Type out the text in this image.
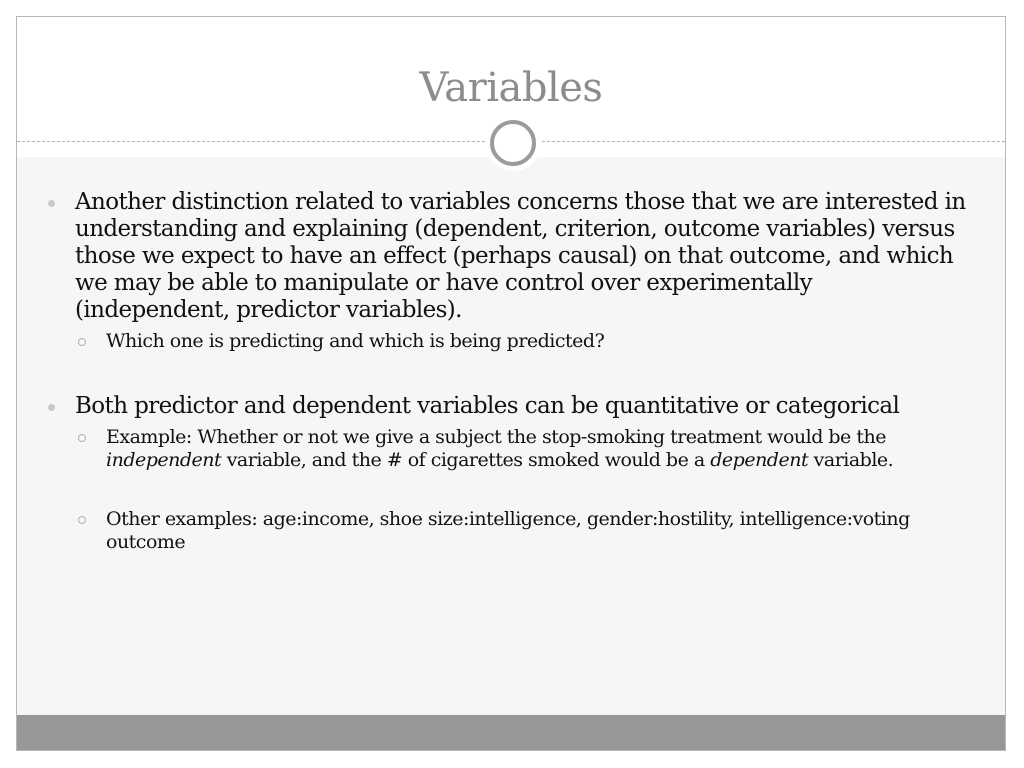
Variables
Another distinction related to variables concerns those that we are interested in understanding and explaining (dependent, criterion, outcome variables) versus those we expect to have an effect (perhaps causal) on that outcome, and which we may be able to manipulate or have control over experimentally (independent, predictor variables).
Which one is predicting and which is being predicted?
Both predictor and dependent variables can be quantitative or categorical
Example: Whether or not we give a subject the stop-smoking treatment would be the independent variable, and the # of cigarettes smoked would be a dependent variable.
Other examples: age:income, shoe size:intelligence, gender:hostility, intelligence:voting outcome
